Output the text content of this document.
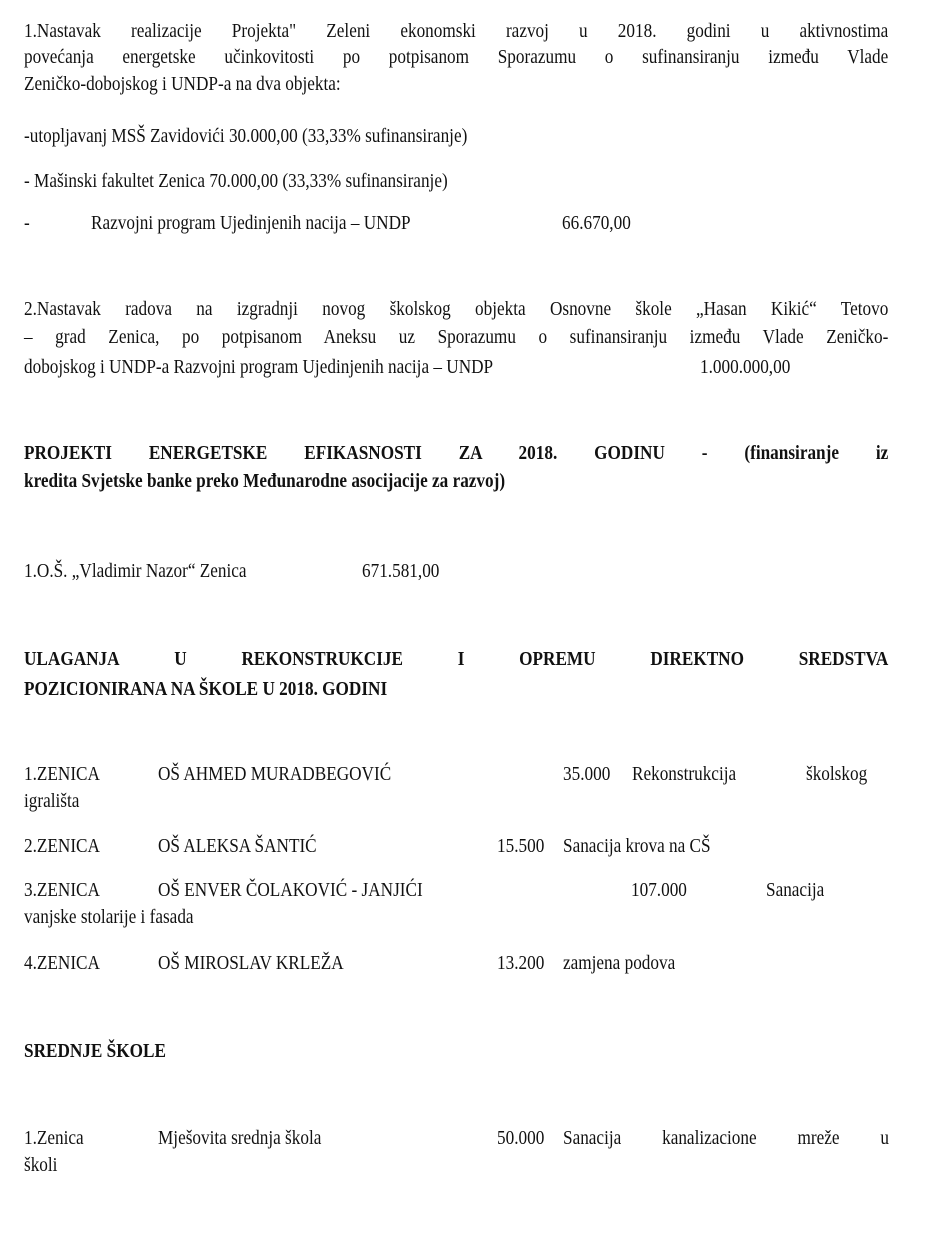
1.Nastavak realizacije Projekta" Zeleni ekonomski razvoj u 2018. godini u aktivnostima
povećanja energetske učinkovitosti po potpisanom Sporazumu o sufinansiranju između Vlade
Zeničko-dobojskog i UNDP-a na dva objekta:
-utopljavanj MSŠ Zavidovići 30.000,00 (33,33% sufinansiranje)
- Mašinski fakultet Zenica 70.000,00 (33,33% sufinansiranje)
-	Razvojni program Ujedinjenih nacija – UNDP	66.670,00
2.Nastavak radova na izgradnji novog školskog objekta Osnovne škole „Hasan Kikić“ Tetovo
– grad Zenica, po potpisanom Aneksu uz Sporazumu o sufinansiranju između Vlade Zeničko-
dobojskog i UNDP-a Razvojni program Ujedinjenih nacija – UNDP	1.000.000,00
PROJEKTI ENERGETSKE EFIKASNOSTI ZA 2018. GODINU - (finansiranje iz
kredita Svjetske banke preko Međunarodne asocijacije za razvoj)
1.O.Š. „Vladimir Nazor“ Zenica	671.581,00
ULAGANJA	U	REKONSTRUKCIJE	I	OPREMU	DIREKTNO	SREDSTVA
POZICIONIRANA NA ŠKOLE U 2018. GODINI
1.ZENICA	OŠ AHMED MURADBEGOVIĆ	35.000 Rekonstrukcija	školskog
igrališta
2.ZENICA	OŠ ALEKSA ŠANTIĆ	15.500 Sanacija krova na CŠ
3.ZENICA	OŠ ENVER ČOLAKOVIĆ - JANJIĆI	107.000	Sanacija
vanjske stolarije i fasada
4.ZENICA	OŠ MIROSLAV KRLEŽA	13.200 zamjena podova
SREDNJE ŠKOLE
1.Zenica	Mješovita srednja škola	50.000 Sanacija kanalizacione mreže u
školi
